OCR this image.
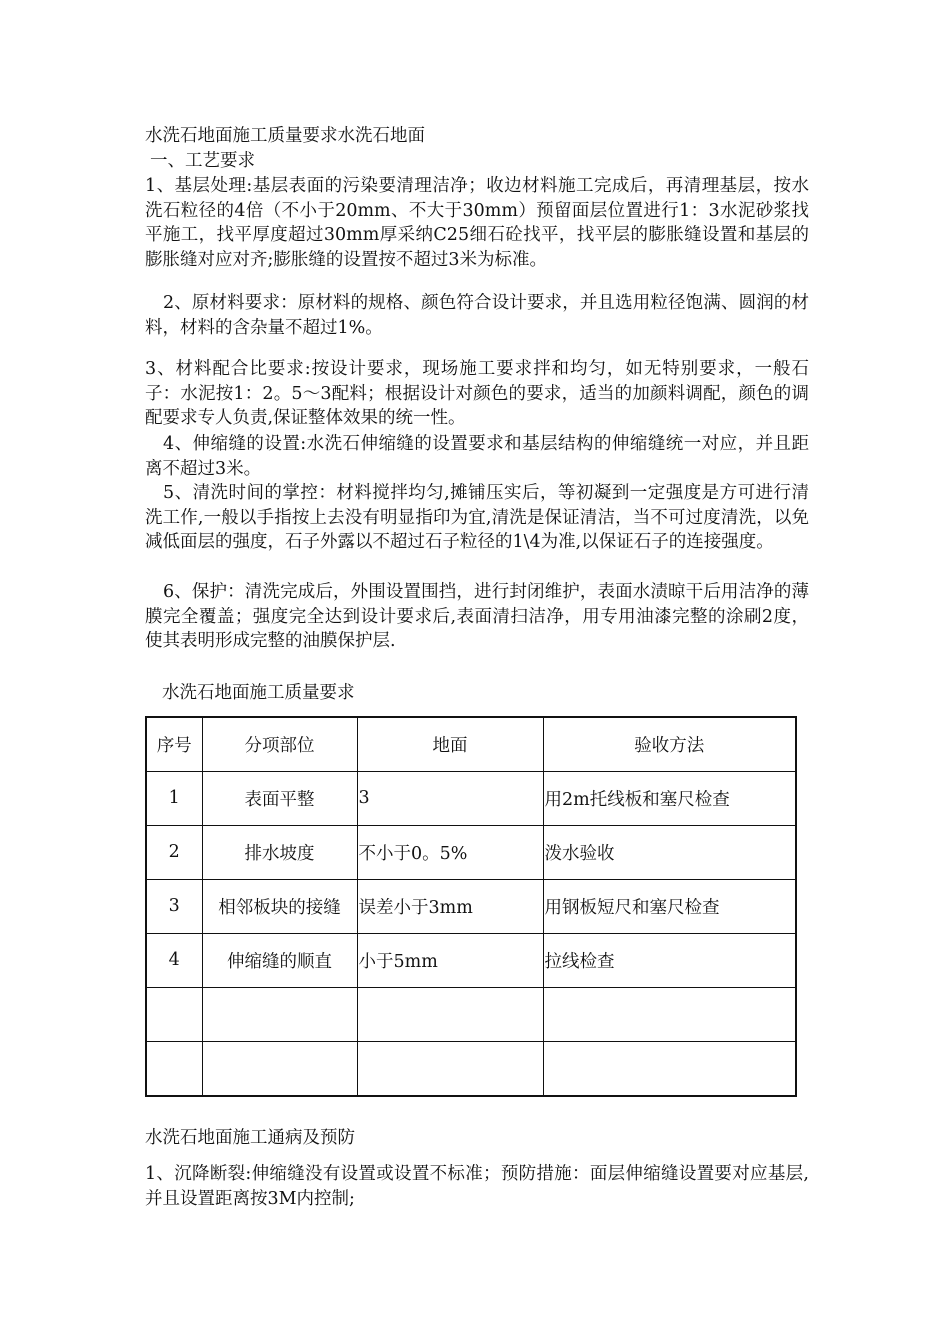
水洗石地面施工质量要求水洗石地面

一、工艺要求

1、基层处理:基层表面的污染要清理洁净；收边材料施工完成后，再清理基层，按水洗石粒径的4倍（不小于20mm、不大于30mm）预留面层位置进行1：3水泥砂浆找平施工，找平厚度超过30mm厚采纳C25细石砼找平，找平层的膨胀缝设置和基层的膨胀缝对应对齐;膨胀缝的设置按不超过3米为标准。

2、原材料要求：原材料的规格、颜色符合设计要求，并且选用粒径饱满、圆润的材料，材料的含杂量不超过1%。

3、材料配合比要求:按设计要求，现场施工要求拌和均匀，如无特别要求，一般石子：水泥按1：2。5～3配料；根据设计对颜色的要求，适当的加颜料调配，颜色的调配要求专人负责,保证整体效果的统一性。

4、伸缩缝的设置:水洗石伸缩缝的设置要求和基层结构的伸缩缝统一对应，并且距离不超过3米。

5、清洗时间的掌控：材料搅拌均匀,摊铺压实后，等初凝到一定强度是方可进行清洗工作,一般以手指按上去没有明显指印为宜,清洗是保证清洁，当不可过度清洗，以免减低面层的强度，石子外露以不超过石子粒径的1\4为准,以保证石子的连接强度。

6、保护：清洗完成后，外围设置围挡，进行封闭维护，表面水渍晾干后用洁净的薄膜完全覆盖；强度完全达到设计要求后,表面清扫洁净，用专用油漆完整的涂刷2度，使其表明形成完整的油膜保护层.

水洗石地面施工质量要求

序号	分项部位	地面	验收方法
1	表面平整	3	用2m托线板和塞尺检查
2	排水坡度	不小于0。5%	泼水验收
3	相邻板块的接缝	误差小于3mm	用钢板短尺和塞尺检查
4	伸缩缝的顺直	小于5mm	拉线检查

水洗石地面施工通病及预防

1、沉降断裂:伸缩缝没有设置或设置不标准；预防措施：面层伸缩缝设置要对应基层,并且设置距离按3M内控制;
